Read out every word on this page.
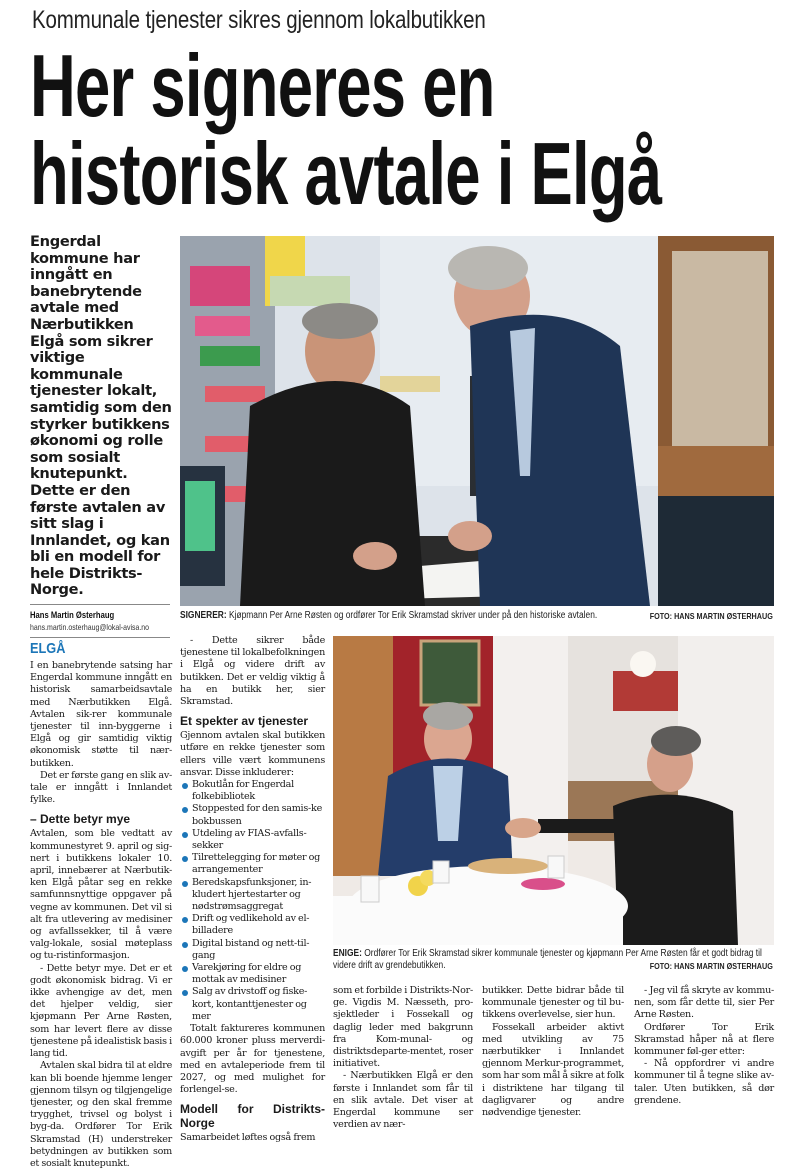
Kommunale tjenester sikres gjennom lokalbutikken
Her signeres en
historisk avtale i Elgå
Engerdal kommune har inngått en banebrytende avtale med Nærbutikken Elgå som sikrer viktige kommunale tjenester lokalt, samtidig som den styrker butikkens økonomi og rolle som sosialt knutepunkt. Dette er den første avtalen av sitt slag i Innlandet, og kan bli en modell for hele Distrikts-Norge.
Hans Martin Østerhaug
hans.martin.osterhaug@lokal-avisa.no
ELGÅ
SIGNERER: Kjøpmann Per Arne Røsten og ordfører Tor Erik Skramstad skriver under på den historiske avtalen.	FOTO: HANS MARTIN ØSTERHAUG
ENIGE: Ordfører Tor Erik Skramstad sikrer kommunale tjenester og kjøpmann Per Arne Røsten får et godt bidrag til videre drift av grendebutikken.	FOTO: HANS MARTIN ØSTERHAUG

I en banebrytende satsing har Engerdal kommune inngått en historisk samarbeidsavtale med Nærbutikken Elgå. Avtalen sik-rer kommunale tjenester til inn-byggerne i Elgå og gir samtidig viktig økonomisk støtte til nær-butikken.

Det er første gang en slik av-tale er inngått i Innlandet fylke.

– Dette betyr mye

Avtalen, som ble vedtatt av kommunestyret 9. april og sig-nert i butikkens lokaler 10. april, innebærer at Nærbutik-ken Elgå påtar seg en rekke samfunnsnyttige oppgaver på vegne av kommunen. Det vil si alt fra utlevering av medisiner og avfallssekker, til å være valg-lokale, sosial møteplass og tu-ristinformasjon.

- Dette betyr mye. Det er et godt økonomisk bidrag. Vi er ikke avhengige av det, men det hjelper veldig, sier kjøpmann Per Arne Røsten, som har levert flere av disse tjenestene på idealistisk basis i lang tid.

Avtalen skal bidra til at eldre kan bli boende hjemme lenger gjennom tilsyn og tilgjengelige tjenester, og den skal fremme trygghet, trivsel og bolyst i byg-da. Ordfører Tor Erik Skramstad (H) understreker betydningen av butikken som et sosialt knutepunkt.

- Dette sikrer både tjenestene til lokalbefolkningen i Elgå og videre drift av butikken. Det er veldig viktig å ha en butikk her, sier Skramstad.

Et spekter av tjenester

Gjennom avtalen skal butikken utføre en rekke tjenester som ellers ville vært kommunens ansvar. Disse inkluderer:

Bokutlån for Engerdal folkebibliotek
Stoppested for den samis-ke bokbussen
Utdeling av FIAS-avfalls-sekker
Tilrettelegging for møter og arrangementer
Beredskapsfunksjoner, in-kludert hjertestarter og nødstrømsaggregat
Drift og vedlikehold av el-billadere
Digital bistand og nett-til-gang
Varekjøring for eldre og mottak av medisiner
Salg av drivstoff og fiske-kort, kontanttjenester og mer

Totalt faktureres kommunen 60.000 kroner pluss merverdi-avgift per år for tjenestene, med en avtaleperiode frem til 2027, og med mulighet for forlengel-se.

Modell for Distrikts-Norge

Samarbeidet løftes også frem

som et forbilde i Distrikts-Nor-ge. Vigdis M. Næsseth, pro-sjektleder i Fossekall og daglig leder med bakgrunn fra Kom-munal- og distriktsdeparte-mentet, roser initiativet.

- Nærbutikken Elgå er den første i Innlandet som får til en slik avtale. Det viser at Engerdal kommune ser verdien av nær-

butikker. Dette bidrar både til kommunale tjenester og til bu-tikkens overlevelse, sier hun.

Fossekall arbeider aktivt med utvikling av 75 nærbutikker i Innlandet gjennom Merkur-programmet, som har som mål å sikre at folk i distriktene har tilgang til dagligvarer og andre nødvendige tjenester.

- Jeg vil få skryte av kommu-nen, som får dette til, sier Per Arne Røsten.

Ordfører Tor Erik Skramstad håper nå at flere kommuner føl-ger etter:

- Nå oppfordrer vi andre kommuner til å tegne slike av-taler. Uten butikken, så dør grendene.
